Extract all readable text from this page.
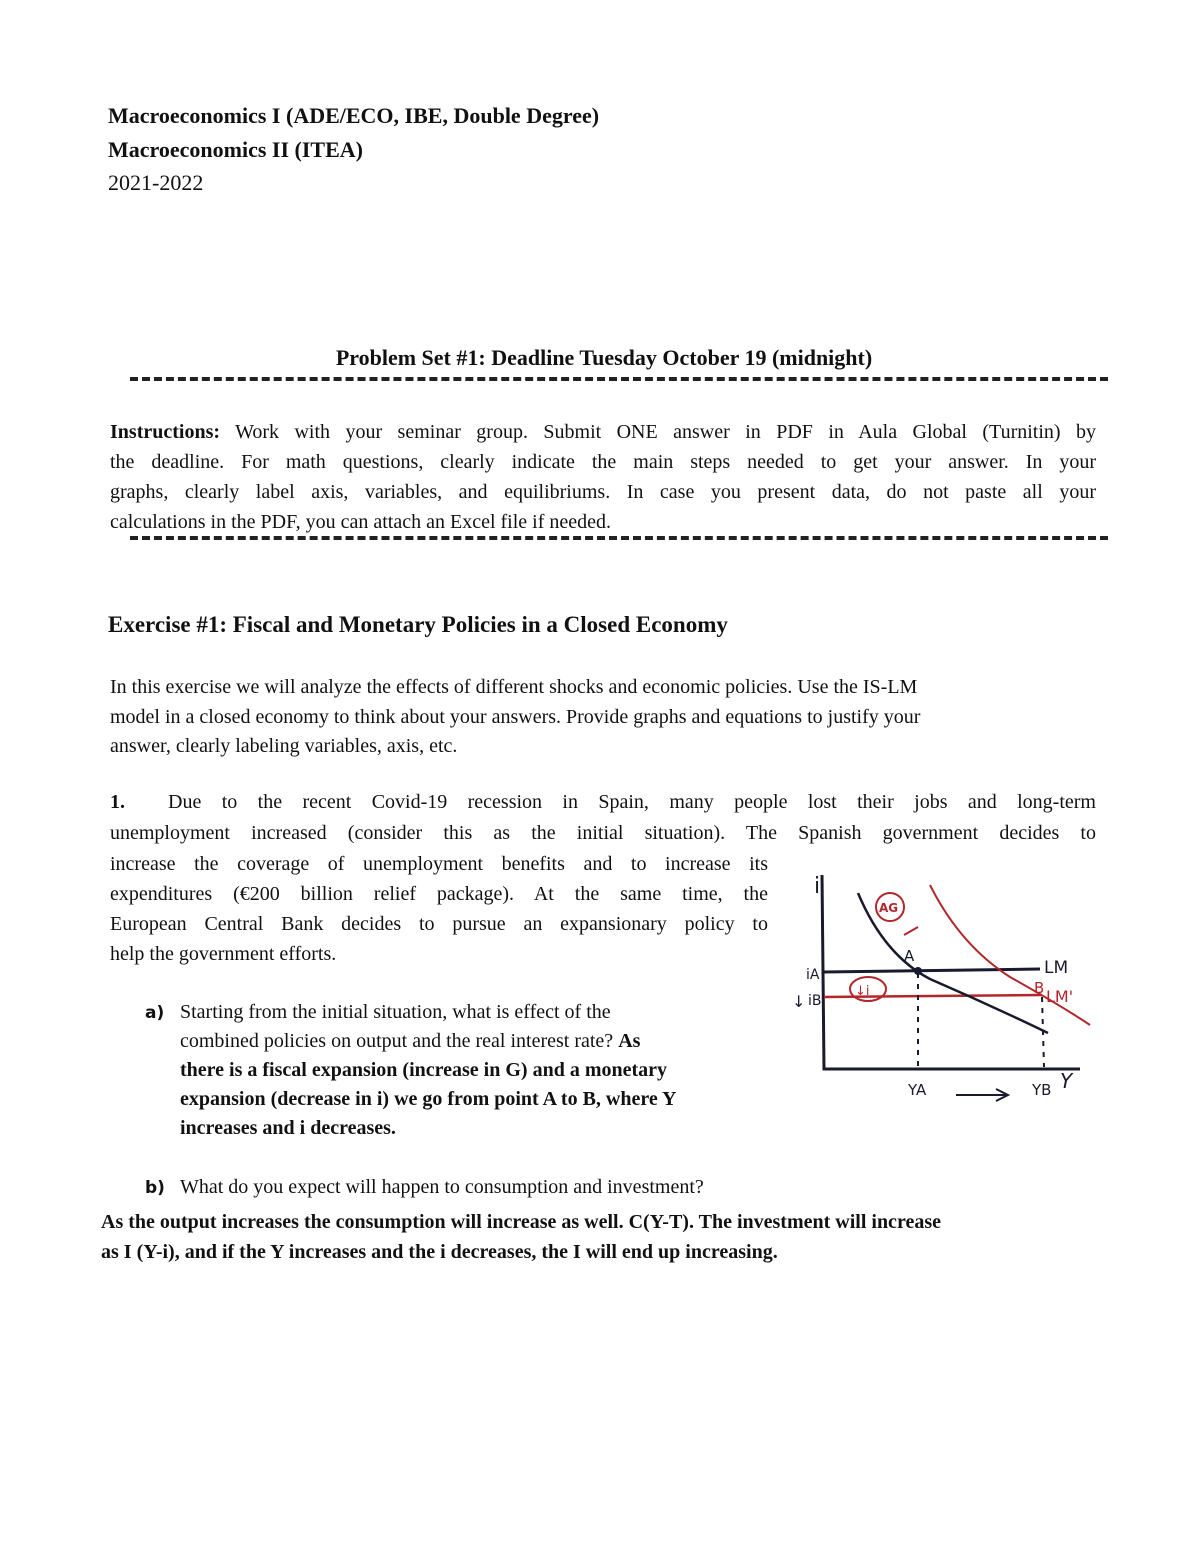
Macroeconomics I (ADE/ECO, IBE, Double Degree)
Macroeconomics II (ITEA)
2021-2022
Problem Set #1: Deadline Tuesday October 19 (midnight)
Instructions: Work with your seminar group. Submit ONE answer in PDF in Aula Global (Turnitin) by
the deadline. For math questions, clearly indicate the main steps needed to get your answer. In your
graphs, clearly label axis, variables, and equilibriums. In case you present data, do not paste all your
calculations in the PDF, you can attach an Excel file if needed.
Exercise #1: Fiscal and Monetary Policies in a Closed Economy
In this exercise we will analyze the effects of different shocks and economic policies. Use the IS-LM
model in a closed economy to think about your answers. Provide graphs and equations to justify your
answer, clearly labeling variables, axis, etc.
1. Due to the recent Covid-19 recession in Spain, many people lost their jobs and long-term
unemployment increased (consider this as the initial situation). The Spanish government decides to
increase the coverage of unemployment benefits and to increase its
expenditures (€200 billion relief package). At the same time, the
European Central Bank decides to pursue an expansionary policy to
help the government efforts.
a) Starting from the initial situation, what is effect of the
combined policies on output and the real interest rate? As
there is a fiscal expansion (increase in G) and a monetary
expansion (decrease in i) we go from point A to B, where Y
increases and i decreases.
i
Y
LM
LM'
AG
↓i
iA
↓ iB
A
B
YA	YB
b) What do you expect will happen to consumption and investment?
As the output increases the consumption will increase as well. C(Y-T). The investment will increase
as I (Y-i), and if the Y increases and the i decreases, the I will end up increasing.
